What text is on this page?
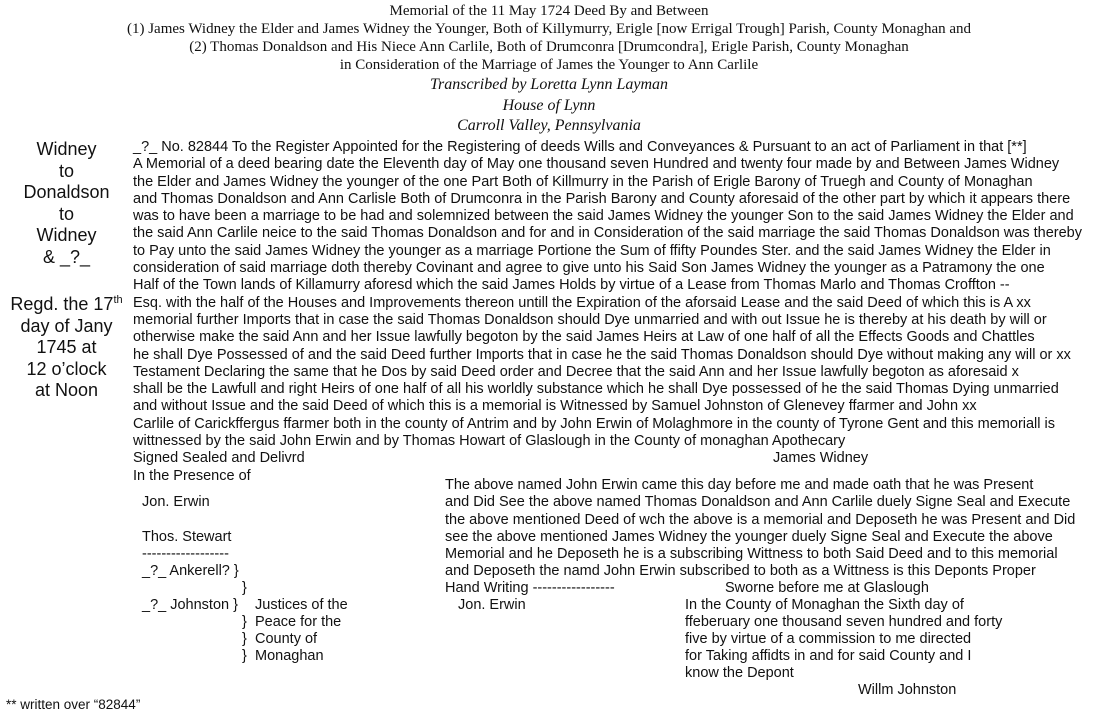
Memorial of the 11 May 1724 Deed By and Between
(1) James Widney the Elder and James Widney the Younger, Both of Killymurry, Erigle [now Errigal Trough] Parish, County Monaghan and
(2) Thomas Donaldson and His Niece Ann Carlile, Both of Drumconra [Drumcondra], Erigle Parish, County Monaghan
in Consideration of the Marriage of James the Younger to Ann Carlile
Transcribed by Loretta Lynn Layman
House of Lynn
Carroll Valley, Pennsylvania
Widney
to
Donaldson
to
Widney
& _?_
Regd. the 17th
day of Jany
1745 at
12 o’clock
at Noon
_?_ No. 82844 To the Register Appointed for the Registering of deeds Wills and Conveyances & Pursuant to an act of Parliament in that [**]
A Memorial of a deed bearing date the Eleventh day of May one thousand seven Hundred and twenty four made by and Between James Widney
the Elder and James Widney the younger of the one Part Both of Killmurry in the Parish of Erigle Barony of Truegh and County of Monaghan
and Thomas Donaldson and Ann Carlisle Both of Drumconra in the Parish Barony and County aforesaid of the other part by which it appears there
was to have been a marriage to be had and solemnized between the said James Widney the younger Son to the said James Widney the Elder and
the said Ann Carlile neice to the said Thomas Donaldson and for and in Consideration of the said marriage the said Thomas Donaldson was thereby
to Pay unto the said James Widney the younger as a marriage Portione the Sum of ffifty Poundes Ster. and the said James Widney the Elder in
consideration of said marriage doth thereby Covinant and agree to give unto his Said Son James Widney the younger as a Patramony the one
Half of the Town lands of Killamurry aforesd which the said James Holds by virtue of a Lease from Thomas Marlo and Thomas Croffton --
Esq. with the half of the Houses and Improvements thereon untill the Expiration of the aforsaid Lease and the said Deed of which this is A xx
memorial further Imports that in case the said Thomas Donaldson should Dye unmarried and with out Issue he is thereby at his death by will or
otherwise make the said Ann and her Issue lawfully begoton by the said James Heirs at Law of one half of all the Effects Goods and Chattles
he shall Dye Possessed of and the said Deed further Imports that in case he the said Thomas Donaldson should Dye without making any will or xx
Testament Declaring the same that he Dos by said Deed order and Decree that the said Ann and her Issue lawfully begoton as aforesaid x
shall be the Lawfull and right Heirs of one half of all his worldly substance which he shall Dye possessed of he the said Thomas Dying unmarried
and without Issue and the said Deed of which this is a memorial is Witnessed by Samuel Johnston of Glenevey ffarmer and John xx
Carlile of Carickffergus ffarmer both in the county of Antrim and by John Erwin of Molaghmore in the county of Tyrone Gent and this memoriall is
wittnessed by the said John Erwin and by Thomas Howart of Glaslough in the County of monaghan Apothecary
Signed Sealed and Delivrd
In the Presence of
James Widney
Jon. Erwin
Thos. Stewart
------------------
_?_ Ankerell? }
}
_?_ Johnston }
}
}
}
Justices of the
Peace for the
County of
Monaghan
The above named John Erwin came this day before me and made oath that he was Present
and Did See the above named Thomas Donaldson and Ann Carlile duely Signe Seal and Execute
the above mentioned Deed of wch the above is a memorial and Deposeth he was Present and Did
see the above mentioned James Widney the younger duely Signe Seal and Execute the above
Memorial and he Deposeth he is a subscribing Wittness to both Said Deed and to this memorial
and Deposeth the namd John Erwin subscribed to both as a Wittness is this Deponts Proper
Hand Writing -----------------	Sworne before me at Glaslough
Jon. Erwin	In the County of Monaghan the Sixth day of
ffeberuary one thousand seven hundred and forty
five by virtue of a commission to me directed
for Taking affidts in and for said County and I
know the Depont
Willm Johnston
** written over “82844”
